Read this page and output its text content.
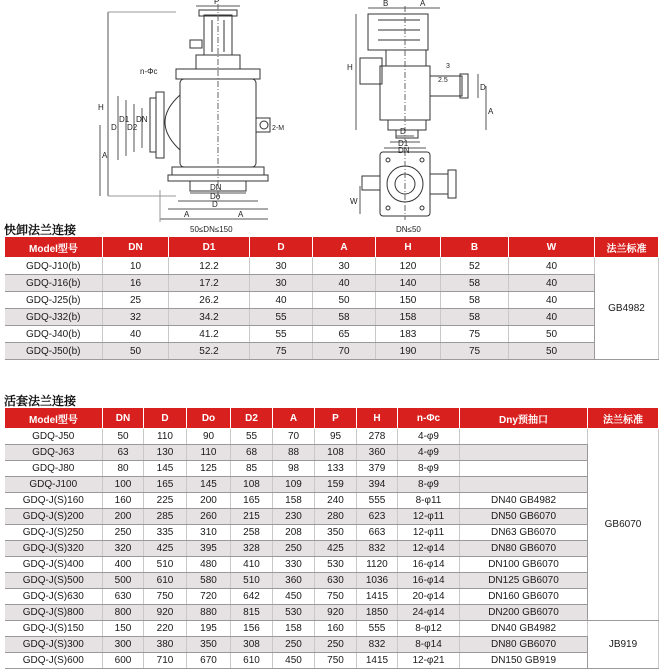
P
H
D
D1
D2
DN
A
n-Φc
2-M
DN
Do
D
A	A
B	A
H
2.5
3
D
A
D
D1
DN
W
50≤DN≤150	DN≤50
快卸法兰连接
Model型号	DN	D1	D	A	H	B	W	法兰标准
GDQ-J10(b)	10	12.2	30	30	120	52	40	GB4982
GDQ-J16(b)	16	17.2	30	40	140	58	40	
GDQ-J25(b)	25	26.2	40	50	150	58	40	
GDQ-J32(b)	32	34.2	55	58	158	58	40	
GDQ-J40(b)	40	41.2	55	65	183	75	50	
GDQ-J50(b)	50	52.2	75	70	190	75	50	
活套法兰连接
Model型号	DN	D	Do	D2	A	P	H	n-Φc	Dny预抽口	法兰标准
GDQ-J50	50	110	90	55	70	95	278	4-φ9		GB6070
GDQ-J63	63	130	110	68	88	108	360	4-φ9		
GDQ-J80	80	145	125	85	98	133	379	8-φ9		
GDQ-J100	100	165	145	108	109	159	394	8-φ9		
GDQ-J(S)160	160	225	200	165	158	240	555	8-φ11	DN40 GB4982	
GDQ-J(S)200	200	285	260	215	230	280	623	12-φ11	DN50 GB6070	
GDQ-J(S)250	250	335	310	258	208	350	663	12-φ11	DN63 GB6070	
GDQ-J(S)320	320	425	395	328	250	425	832	12-φ14	DN80 GB6070	
GDQ-J(S)400	400	510	480	410	330	530	1120	16-φ14	DN100 GB6070	
GDQ-J(S)500	500	610	580	510	360	630	1036	16-φ14	DN125 GB6070	
GDQ-J(S)630	630	750	720	642	450	750	1415	20-φ14	DN160 GB6070	
GDQ-J(S)800	800	920	880	815	530	920	1850	24-φ14	DN200 GB6070	
GDQ-J(S)150	150	220	195	156	158	160	555	8-φ12	DN40 GB4982	JB919
GDQ-J(S)300	300	380	350	308	250	250	832	8-φ14	DN80 GB6070	
GDQ-J(S)600	600	710	670	610	450	750	1415	12-φ21	DN150 GB919	
